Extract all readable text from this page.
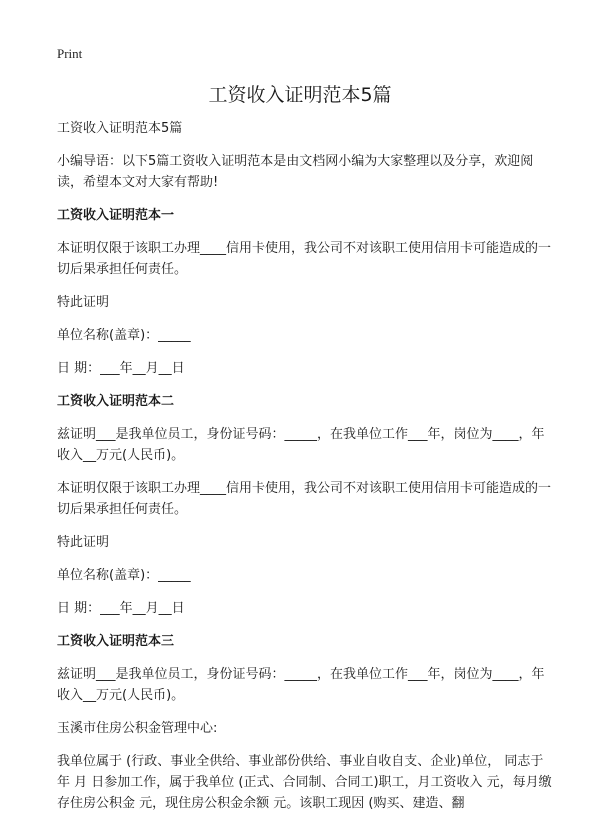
Print
工资收入证明范本5篇

工资收入证明范本5篇

小编导语：以下5篇工资收入证明范本是由文档网小编为大家整理以及分享，欢迎阅读，希望本文对大家有帮助!

工资收入证明范本一

本证明仅限于该职工办理____信用卡使用，我公司不对该职工使用信用卡可能造成的一切后果承担任何责任。

特此证明

单位名称(盖章)：_____

日 期：___年__月__日

工资收入证明范本二

兹证明___是我单位员工，身份证号码：_____，在我单位工作___年，岗位为____，年收入__万元(人民币)。

本证明仅限于该职工办理____信用卡使用，我公司不对该职工使用信用卡可能造成的一切后果承担任何责任。

特此证明

单位名称(盖章)：_____

日 期：___年__月__日

工资收入证明范本三

兹证明___是我单位员工，身份证号码：_____，在我单位工作___年，岗位为____，年收入__万元(人民币)。

玉溪市住房公积金管理中心:

我单位属于 (行政、事业全供给、事业部份供给、事业自收自支、企业)单位， 同志于 年 月 日参加工作，属于我单位 (正式、合同制、合同工)职工，月工资收入 元，每月缴存住房公积金 元，现住房公积金余额 元。该职工现因 (购买、建造、翻
